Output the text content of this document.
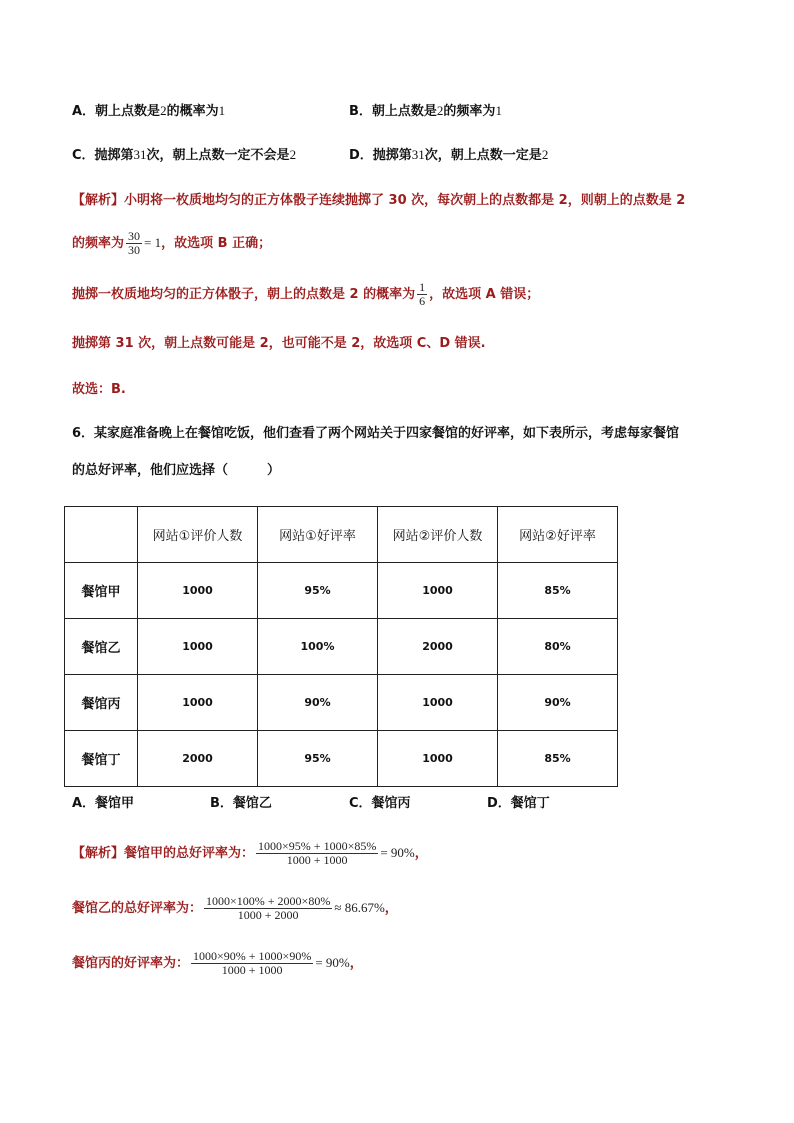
A．朝上点数是2的概率为1	B．朝上点数是2的频率为1
C．抛掷第31次，朝上点数一定不会是2	D．抛掷第31次，朝上点数一定是2
【解析】小明将一枚质地均匀的正方体骰子连续抛掷了 30 次，每次朝上的点数都是 2，则朝上的点数是 2
的频率为 $\frac{30}{30} = 1$，故选项 B 正确；
抛掷一枚质地均匀的正方体骰子，朝上的点数是 2 的概率为 $\frac{1}{6}$ ，故选项 A 错误；
抛掷第 31 次，朝上点数可能是 2，也可能不是 2，故选项 C、D 错误.
故选：B.
6．某家庭准备晚上在餐馆吃饭，他们查看了两个网站关于四家餐馆的好评率，如下表所示，考虑每家餐馆
的总好评率，他们应选择（　　　）
	网站①评价人数	网站①好评率	网站②评价人数	网站②好评率
餐馆甲	1000	95%	1000	85%
餐馆乙	1000	100%	2000	80%
餐馆丙	1000	90%	1000	90%
餐馆丁	2000	95%	1000	85%
A．餐馆甲	B．餐馆乙	C．餐馆丙	D．餐馆丁
【解析】餐馆甲的总好评率为： $\frac{1000\times 95\% + 1000\times 85\%}{1000 + 1000} = 90\%$，
餐馆乙的总好评率为： $\frac{1000\times 100\% + 2000\times 80\%}{1000 + 2000} \approx 86.67\%$，
餐馆丙的好评率为： $\frac{1000\times 90\% + 1000\times 90\%}{1000 + 1000} = 90\%$，
